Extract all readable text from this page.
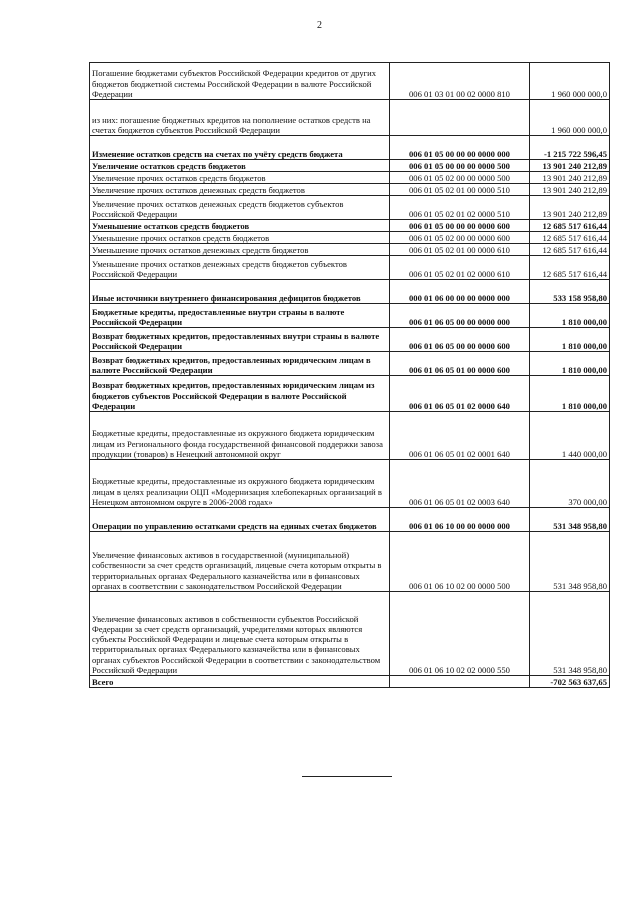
2
Погашение бюджетами субъектов Российской Федерации кредитов от других бюджетов бюджетной системы Российской Федерации в валюте Российской Федерации	006 01 03 01 00 02 0000 810	1 960 000 000,0
из них: погашение бюджетных кредитов на пополнение остатков средств на счетах бюджетов субъектов Российской Федерации		1 960 000 000,0
Изменение остатков средств на счетах по учёту средств бюджета	006 01 05 00 00 00 0000 000	-1 215 722 596,45
Увеличение остатков средств бюджетов	006 01 05 00 00 00 0000 500	13 901 240 212,89
Увеличение прочих остатков средств бюджетов	006 01 05 02 00 00 0000 500	13 901 240 212,89
Увеличение прочих остатков денежных средств бюджетов	006 01 05 02 01 00 0000 510	13 901 240 212,89
Увеличение прочих остатков денежных средств бюджетов субъектов Российской Федерации	006 01 05 02 01 02 0000 510	13 901 240 212,89
Уменьшение остатков средств бюджетов	006 01 05 00 00 00 0000 600	12 685 517 616,44
Уменьшение прочих остатков средств бюджетов	006 01 05 02 00 00 0000 600	12 685 517 616,44
Уменьшение прочих остатков денежных средств бюджетов	006 01 05 02 01 00 0000 610	12 685 517 616,44
Уменьшение прочих остатков денежных средств бюджетов субъектов Российской Федерации	006 01 05 02 01 02 0000 610	12 685 517 616,44
Иные источники внутреннего финансирования дефицитов бюджетов	000 01 06 00 00 00 0000 000	533 158 958,80
Бюджетные кредиты, предоставленные внутри страны в валюте Российской Федерации	006 01 06 05 00 00 0000 000	1 810 000,00
Возврат бюджетных кредитов, предоставленных внутри страны в валюте Российской Федерации	006 01 06 05 00 00 0000 600	1 810 000,00
Возврат бюджетных кредитов, предоставленных юридическим лицам в валюте Российской Федерации	006 01 06 05 01 00 0000 600	1 810 000,00
Возврат бюджетных кредитов, предоставленных юридическим лицам из бюджетов субъектов Российской Федерации в валюте Российской Федерации	006 01 06 05 01 02 0000 640	1 810 000,00
Бюджетные кредиты, предоставленные из окружного бюджета юридическим лицам из Регионального фонда государственной финансовой поддержки завоза продукции (товаров) в Ненецкий автономной округ	006 01 06 05 01 02 0001 640	1 440 000,00
Бюджетные кредиты, предоставленные из окружного бюджета юридическим лицам в целях реализации ОЦП «Модернизация хлебопекарных организаций в Ненецком автономном округе в 2006-2008 годах»	006 01 06 05 01 02 0003 640	370 000,00
Операции по управлению остатками средств на единых счетах бюджетов	006 01 06 10 00 00 0000 000	531 348 958,80
Увеличение финансовых активов в государственной (муниципальной) собственности за счет средств организаций, лицевые счета которым открыты в территориальных органах Федерального казначейства или в финансовых органах в соответствии с законодательством Российской Федерации	006 01 06 10 02 00 0000 500	531 348 958,80
Увеличение финансовых активов в собственности субъектов Российской Федерации за счет средств организаций, учредителями которых являются субъекты Российской Федерации и лицевые счета которым открыты в территориальных органах Федерального казначейства или в финансовых органах субъектов Российской Федерации в соответствии с законодательством Российской Федерации	006 01 06 10 02 02 0000 550	531 348 958,80
Всего		-702 563 637,65
